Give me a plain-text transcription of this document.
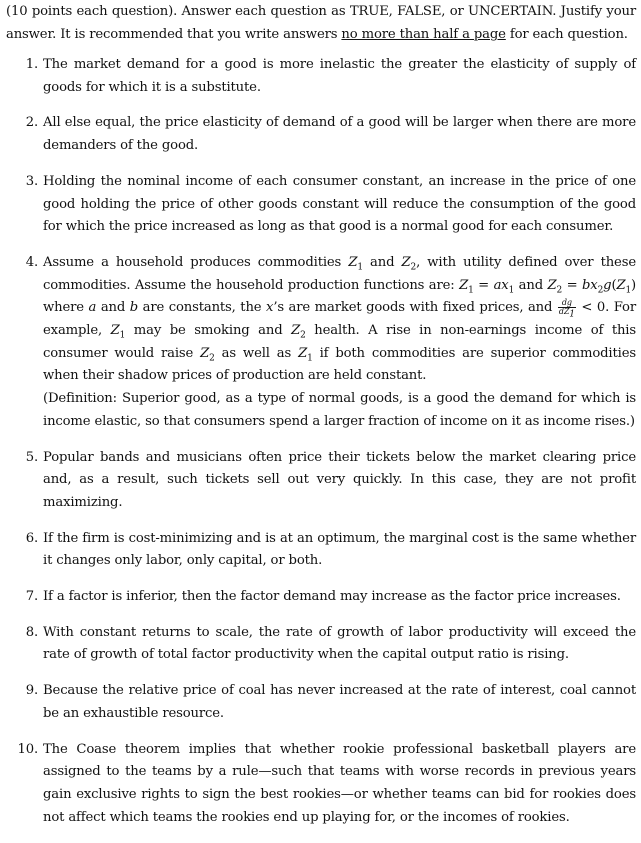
(10 points each question). Answer each question as TRUE, FALSE, or UNCERTAIN. Justify your answer. It is recommended that you write answers no more than half a page for each question.

1. The market demand for a good is more inelastic the greater the elasticity of supply of goods for which it is a substitute.
2. All else equal, the price elasticity of demand of a good will be larger when there are more demanders of the good.
3. Holding the nominal income of each consumer constant, an increase in the price of one good holding the price of other goods constant will reduce the consumption of the good for which the price increased as long as that good is a normal good for each consumer.
4. Assume a household produces commodities $Z_1$ and $Z_2$, with utility defined over these commodities. Assume the household production functions are: $Z_1 = ax_1$ and $Z_2 = bx_2g(Z_1)$ where a and b are constants, the x’s are market goods with fixed prices, and $\frac{dg}{dZ_1} < 0$. For example, $Z_1$ may be smoking and $Z_2$ health. A rise in non-earnings income of this consumer would raise $Z_2$ as well as $Z_1$ if both commodities are superior commodities when their shadow prices of production are held constant.
(Definition: Superior good, as a type of normal goods, is a good the demand for which is income elastic, so that consumers spend a larger fraction of income on it as income rises.)
5. Popular bands and musicians often price their tickets below the market clearing price and, as a result, such tickets sell out very quickly. In this case, they are not profit maximizing.
6. If the firm is cost-minimizing and is at an optimum, the marginal cost is the same whether it changes only labor, only capital, or both.
7. If a factor is inferior, then the factor demand may increase as the factor price increases.
8. With constant returns to scale, the rate of growth of labor productivity will exceed the rate of growth of total factor productivity when the capital output ratio is rising.
9. Because the relative price of coal has never increased at the rate of interest, coal cannot be an exhaustible resource.
10. The Coase theorem implies that whether rookie professional basketball players are assigned to the teams by a rule—such that teams with worse records in previous years gain exclusive rights to sign the best rookies—or whether teams can bid for rookies does not affect which teams the rookies end up playing for, or the incomes of rookies.
